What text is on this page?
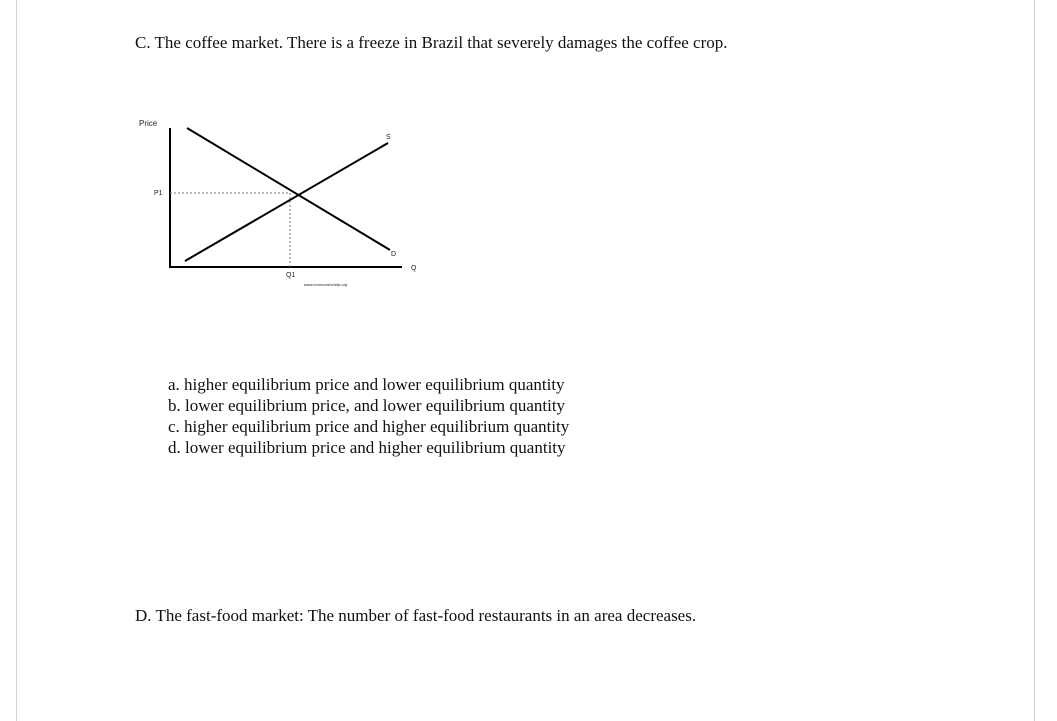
C. The coffee market. There is a freeze in Brazil that severely damages the coffee crop.
Price
P1
S
D
Q
Q1
www.economicshelp.org
a. higher equilibrium price and lower equilibrium quantity
b. lower equilibrium price, and lower equilibrium quantity
c. higher equilibrium price and higher equilibrium quantity
d. lower equilibrium price and higher equilibrium quantity
D. The fast-food market: The number of fast-food restaurants in an area decreases.
